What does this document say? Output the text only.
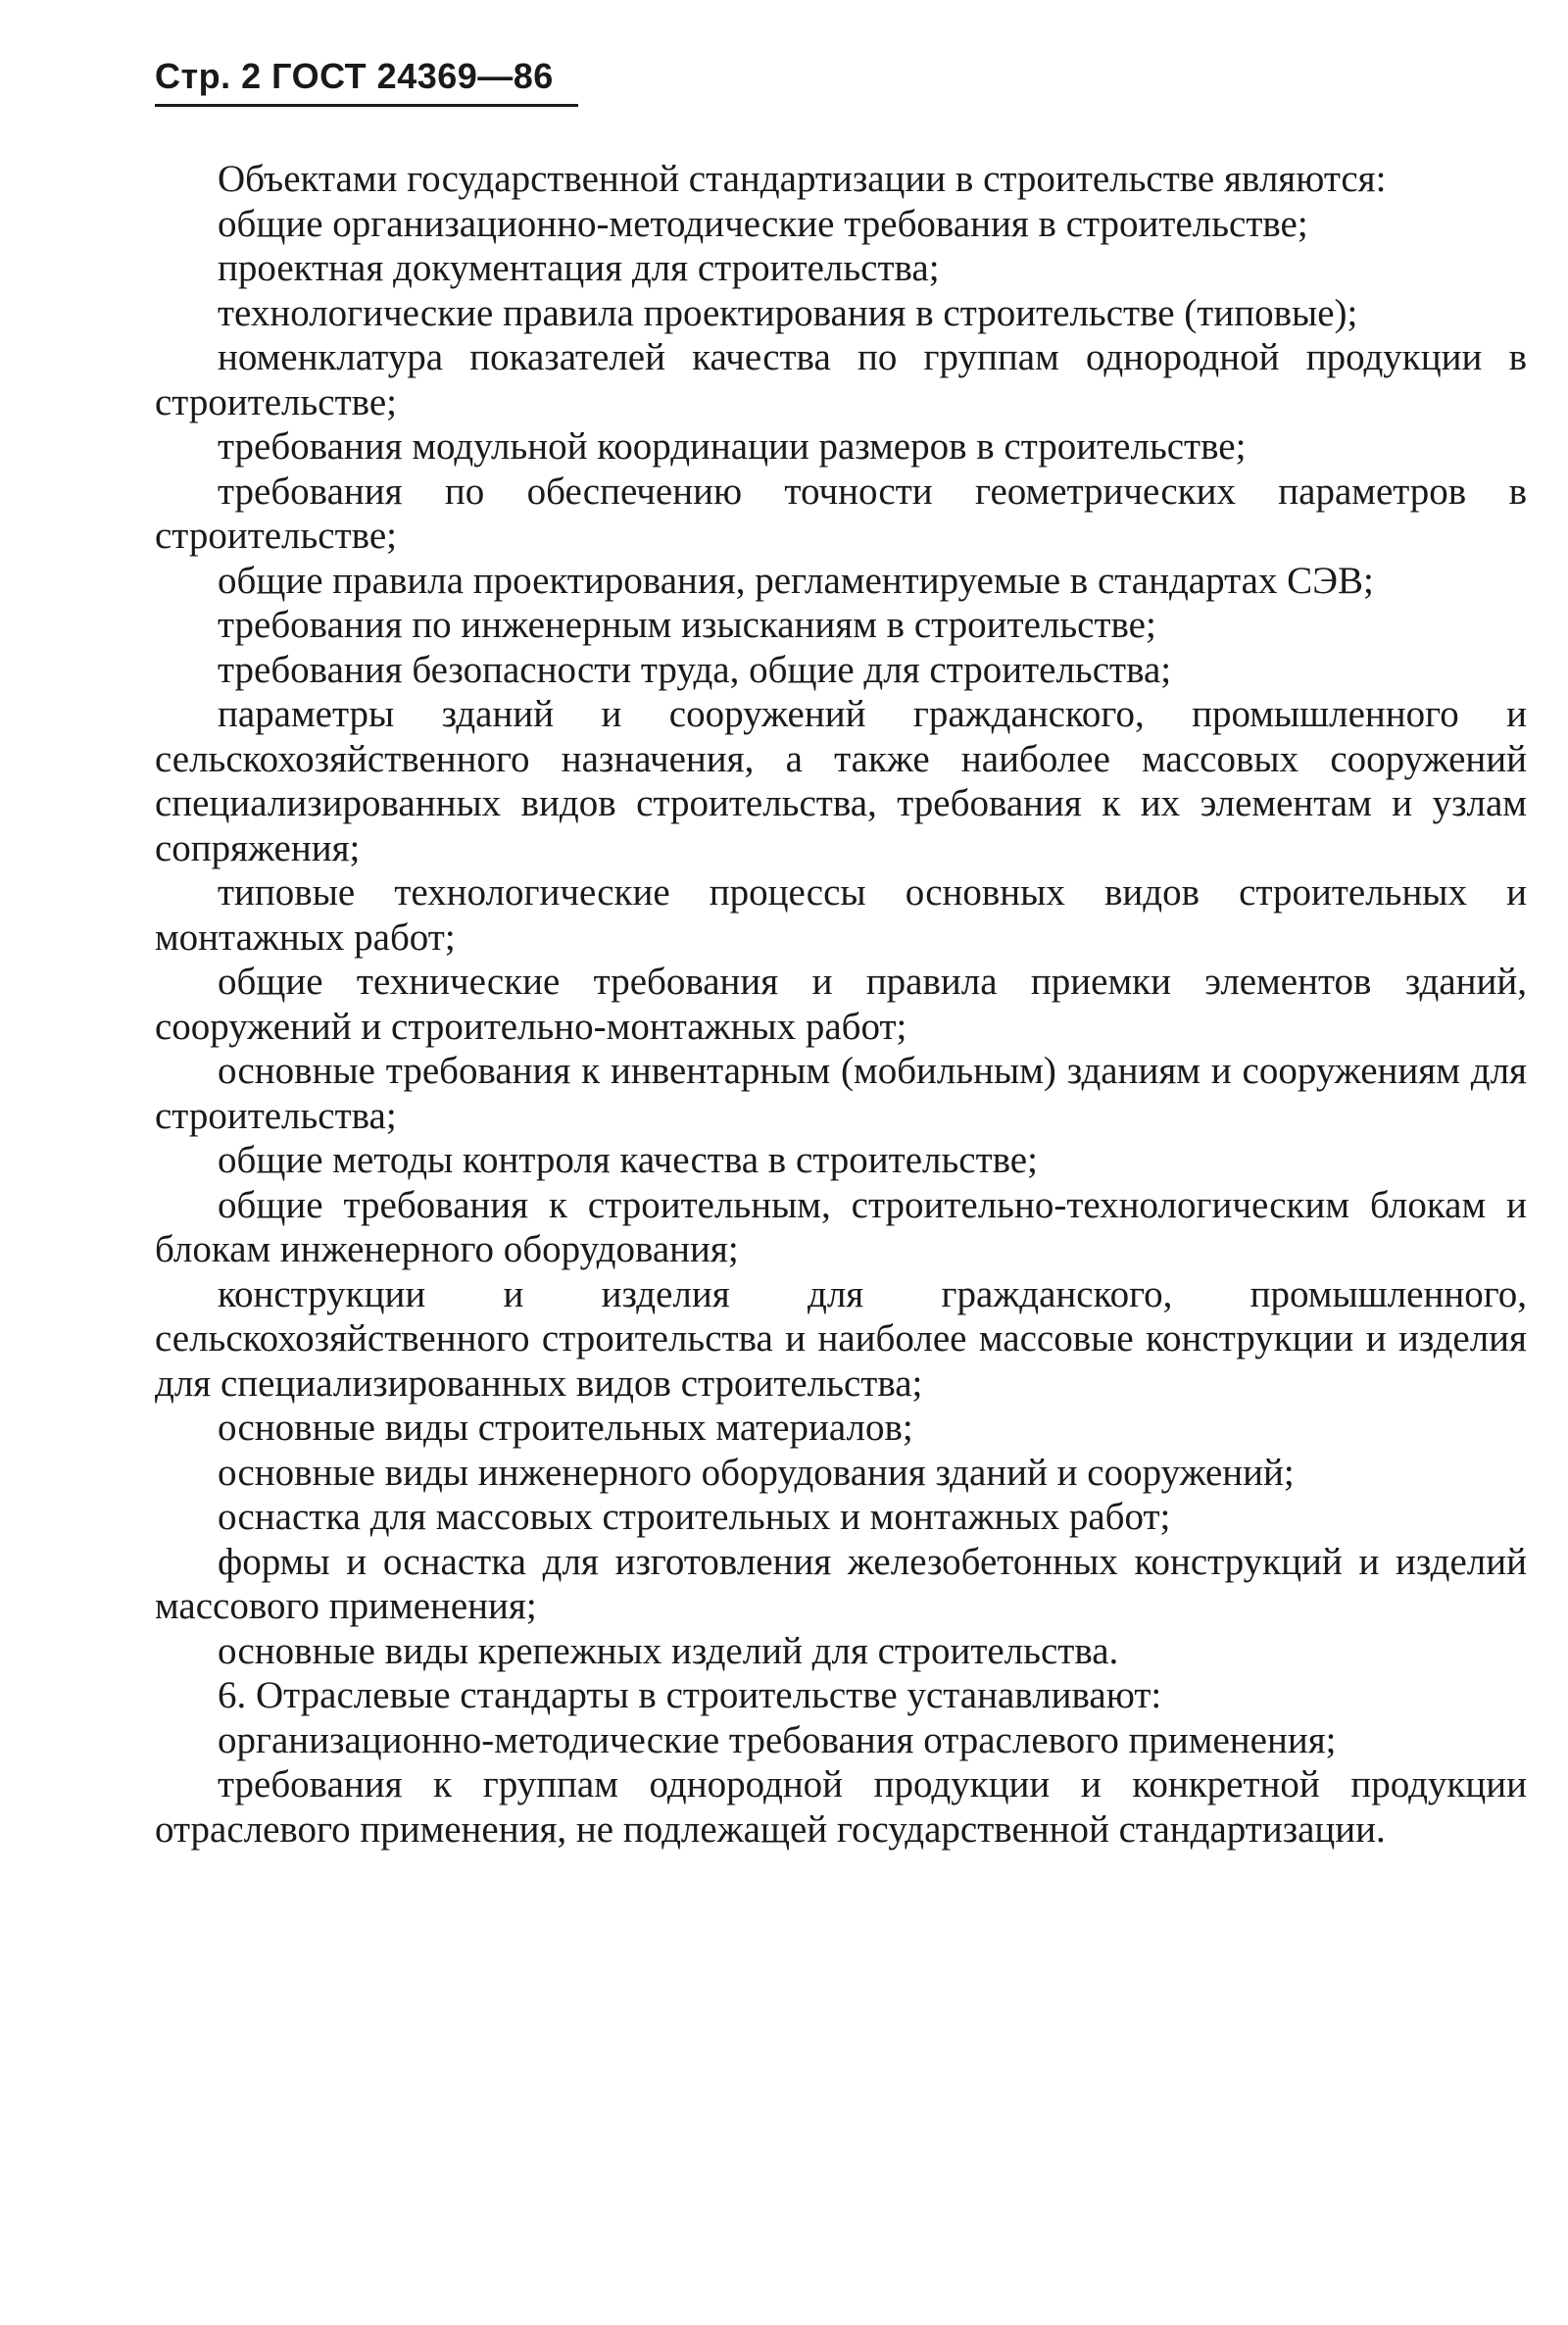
Стр. 2 ГОСТ 24369—86

Объектами государственной стандартизации в строительстве являются:

общие организационно-методические требования в строительстве;

проектная документация для строительства;

технологические правила проектирования в строительстве (типовые);

номенклатура показателей качества по группам однородной продукции в строительстве;

требования модульной координации размеров в строительстве;

требования по обеспечению точности геометрических параметров в строительстве;

общие правила проектирования, регламентируемые в стандартах СЭВ;

требования по инженерным изысканиям в строительстве;

требования безопасности труда, общие для строительства;

параметры зданий и сооружений гражданского, промышленного и сельскохозяйственного назначения, а также наиболее массовых сооружений специализированных видов строительства, требования к их элементам и узлам сопряжения;

типовые технологические процессы основных видов строительных и монтажных работ;

общие технические требования и правила приемки элементов зданий, сооружений и строительно-монтажных работ;

основные требования к инвентарным (мобильным) зданиям и сооружениям для строительства;

общие методы контроля качества в строительстве;

общие требования к строительным, строительно-технологическим блокам и блокам инженерного оборудования;

конструкции и изделия для гражданского, промышленного, сельскохозяйственного строительства и наиболее массовые конструкции и изделия для специализированных видов строительства;

основные виды строительных материалов;

основные виды инженерного оборудования зданий и сооружений;

оснастка для массовых строительных и монтажных работ;

формы и оснастка для изготовления железобетонных конструкций и изделий массового применения;

основные виды крепежных изделий для строительства.

6. Отраслевые стандарты в строительстве устанавливают:

организационно-методические требования отраслевого применения;

требования к группам однородной продукции и конкретной продукции отраслевого применения, не подлежащей государственной стандартизации.
